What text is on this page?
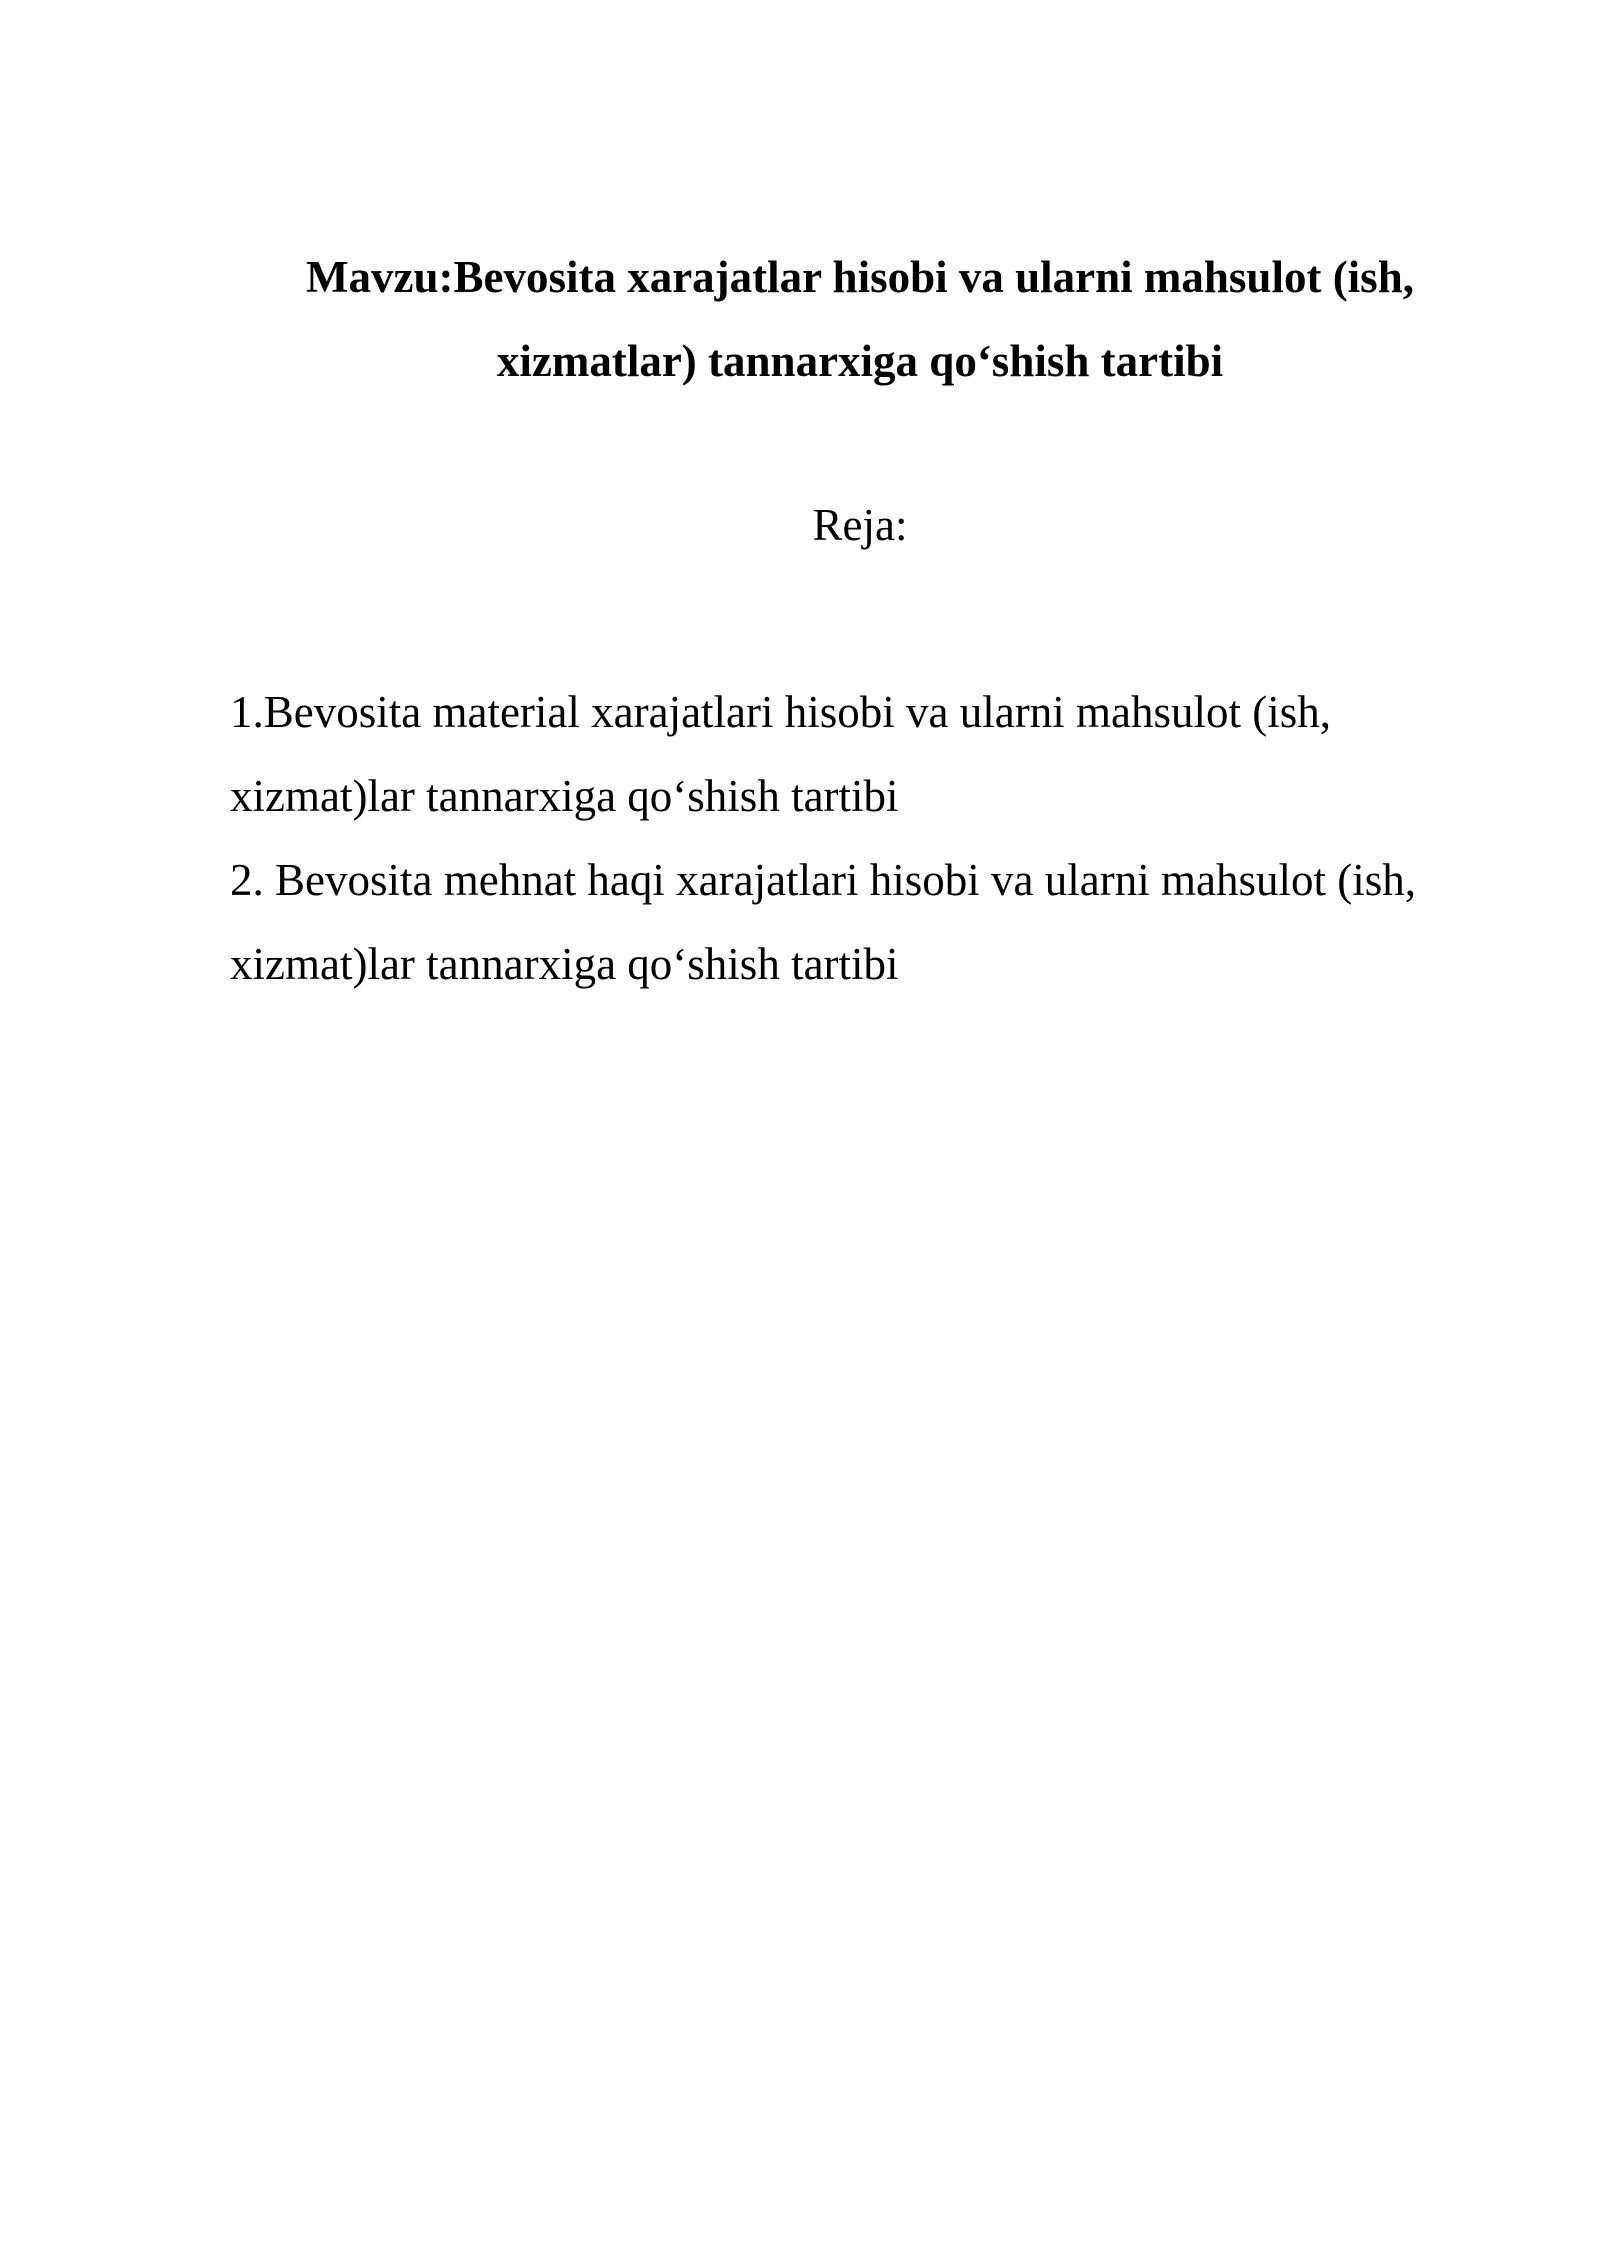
Mavzu:Bevosita xarajatlar hisobi va ularni mahsulot (ish, xizmatlar) tannarxiga qo‘shish tartibi
Reja:
1.Bevosita material xarajatlari hisobi va ularni mahsulot (ish, xizmat)lar tannarxiga qo‘shish tartibi
2. Bevosita mehnat haqi xarajatlari hisobi va ularni mahsulot (ish, xizmat)lar tannarxiga qo‘shish tartibi
